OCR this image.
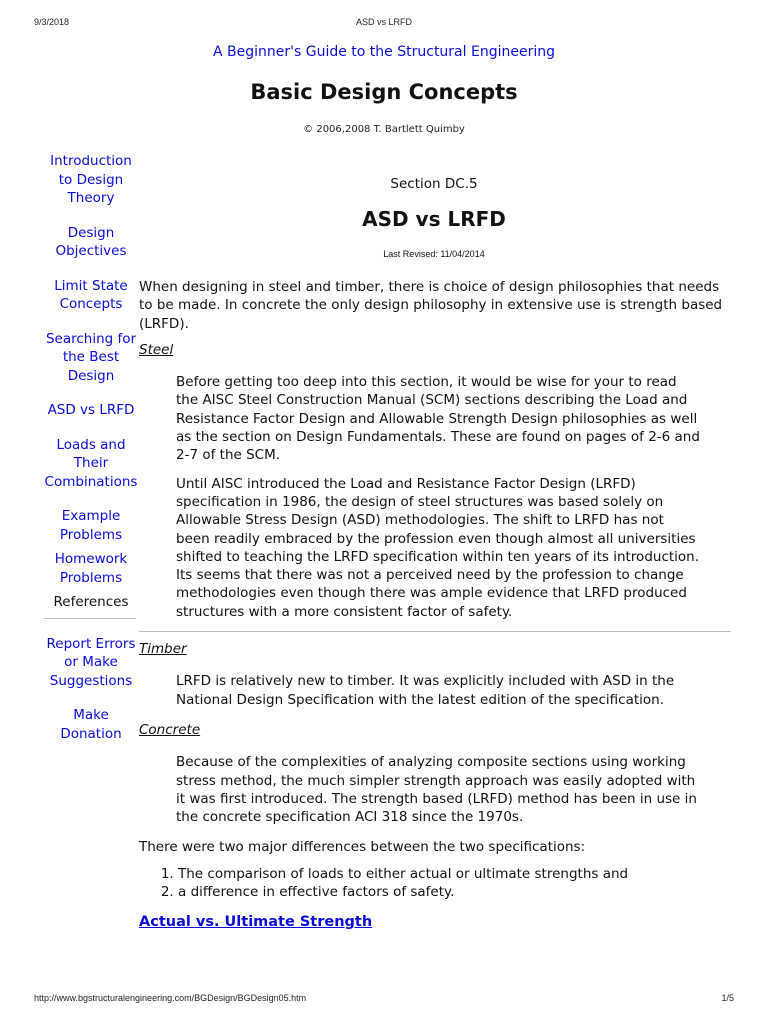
9/3/2018	ASD vs LRFD
A Beginner's Guide to the Structural Engineering
Basic Design Concepts
© 2006,2008 T. Bartlett Quimby
Introduction to Design Theory
Design Objectives
Limit State Concepts
Searching for the Best Design
ASD vs LRFD
Loads and Their Combinations
Example Problems
Homework Problems
References
Report Errors or Make Suggestions
Make Donation
Section DC.5
ASD vs LRFD
Last Revised: 11/04/2014

When designing in steel and timber, there is choice of design philosophies that needs to be made. In concrete the only design philosophy in extensive use is strength based (LRFD).

Steel

Before getting too deep into this section, it would be wise for your to read the AISC Steel Construction Manual (SCM) sections describing the Load and Resistance Factor Design and Allowable Strength Design philosophies as well as the section on Design Fundamentals. These are found on pages of 2-6 and 2-7 of the SCM.

Until AISC introduced the Load and Resistance Factor Design (LRFD) specification in 1986, the design of steel structures was based solely on Allowable Stress Design (ASD) methodologies. The shift to LRFD has not been readily embraced by the profession even though almost all universities shifted to teaching the LRFD specification within ten years of its introduction. Its seems that there was not a perceived need by the profession to change methodologies even though there was ample evidence that LRFD produced structures with a more consistent factor of safety.

Timber

LRFD is relatively new to timber. It was explicitly included with ASD in the National Design Specification with the latest edition of the specification.

Concrete

Because of the complexities of analyzing composite sections using working stress method, the much simpler strength approach was easily adopted with it was first introduced. The strength based (LRFD) method has been in use in the concrete specification ACI 318 since the 1970s.

There were two major differences between the two specifications:

1. The comparison of loads to either actual or ultimate strengths and
2. a difference in effective factors of safety.
Actual vs. Ultimate Strength
http://www.bgstructuralengineering.com/BGDesign/BGDesign05.htm	1/5
